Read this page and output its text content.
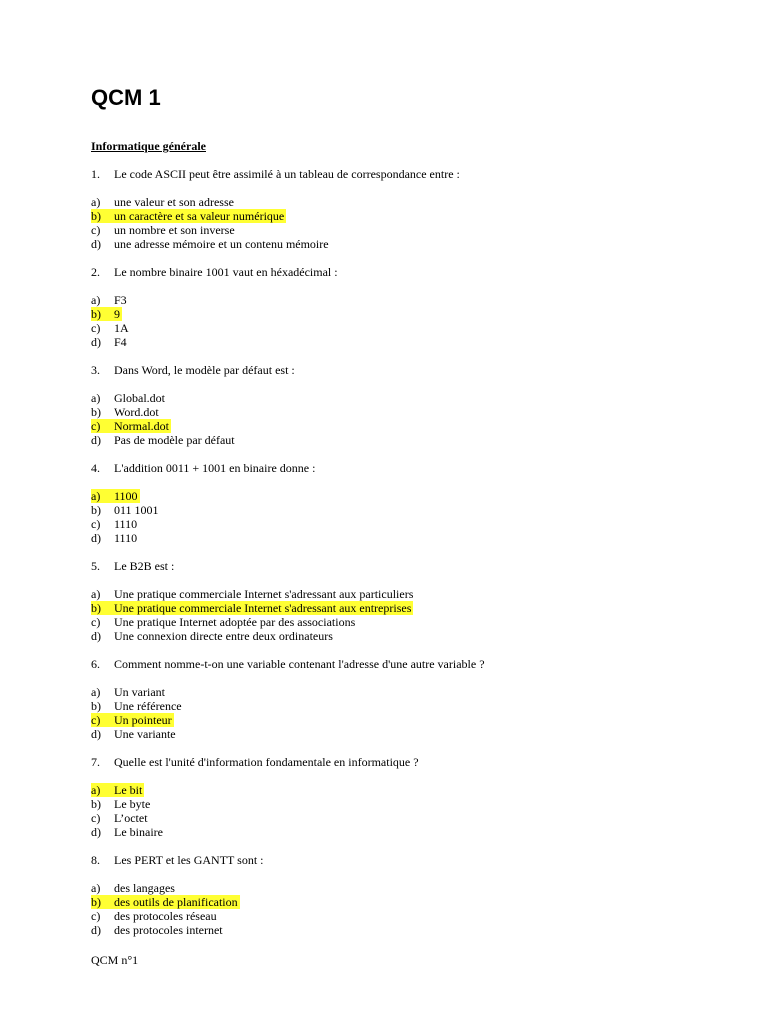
QCM 1
Informatique générale
1. Le code ASCII peut être assimilé à un tableau de correspondance entre :
a) une valeur et son adresse
b) un caractère et sa valeur numérique
c) un nombre et son inverse
d) une adresse mémoire et un contenu mémoire
2. Le nombre binaire 1001 vaut en héxadécimal :
a) F3
b) 9
c) 1A
d) F4
3. Dans Word, le modèle par défaut est :
a) Global.dot
b) Word.dot
c) Normal.dot
d) Pas de modèle par défaut
4. L'addition 0011 + 1001 en binaire donne :
a) 1100
b) 011 1001
c) 1110
d) 1110
5. Le B2B est :
a) Une pratique commerciale Internet s'adressant aux particuliers
b) Une pratique commerciale Internet s'adressant aux entreprises
c) Une pratique Internet adoptée par des associations
d) Une connexion directe entre deux ordinateurs
6. Comment nomme-t-on une variable contenant l'adresse d'une autre variable ?
a) Un variant
b) Une référence
c) Un pointeur
d) Une variante
7. Quelle est l'unité d'information fondamentale en informatique ?
a) Le bit
b) Le byte
c) L’octet
d) Le binaire
8. Les PERT et les GANTT sont :
a) des langages
b) des outils de planification
c) des protocoles réseau
d) des protocoles internet

QCM n°1
